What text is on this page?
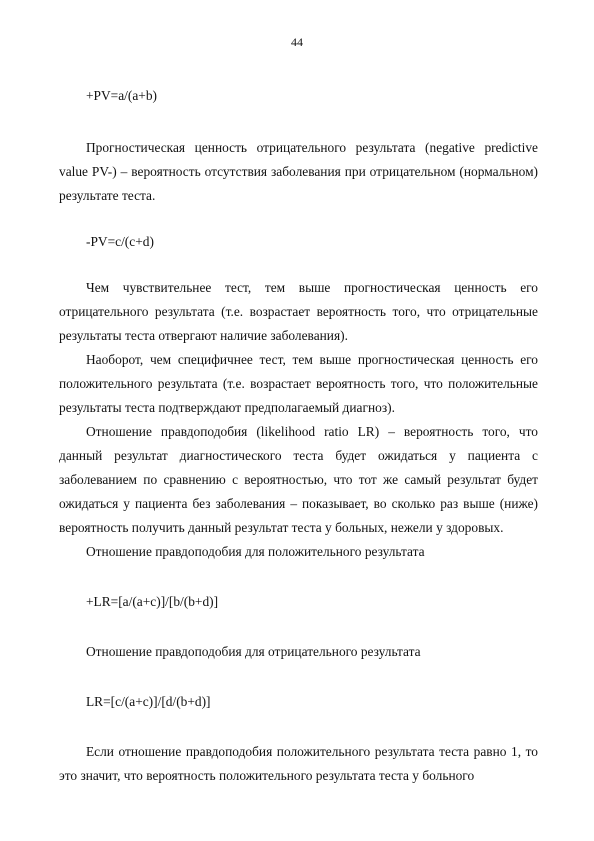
44
+PV=a/(a+b)

Прогностическая ценность отрицательного результата (negative predictive value PV-) – вероятность отсутствия заболевания при отрицательном (нормальном) результате теста.

-PV=c/(c+d)

Чем чувствительнее тест, тем выше прогностическая ценность его отрицательного результата (т.е. возрастает вероятность того, что отрицательные результаты теста отвергают наличие заболевания).

Наоборот, чем специфичнее тест, тем выше прогностическая ценность его положительного результата (т.е. возрастает вероятность того, что положительные результаты теста подтверждают предполагаемый диагноз).

Отношение правдоподобия (likelihood ratio LR) – вероятность того, что данный результат диагностического теста будет ожидаться у пациента с заболеванием по сравнению с вероятностью, что тот же самый результат будет ожидаться у пациента без заболевания – показывает, во сколько раз выше (ниже) вероятность получить данный результат теста у больных, нежели у здоровых.

Отношение правдоподобия для положительного результата

+LR=[a/(a+c)]/[b/(b+d)]

Отношение правдоподобия для отрицательного результата

LR=[c/(a+c)]/[d/(b+d)]

Если отношение правдоподобия положительного результата теста равно 1, то это значит, что вероятность положительного результата теста у больного
